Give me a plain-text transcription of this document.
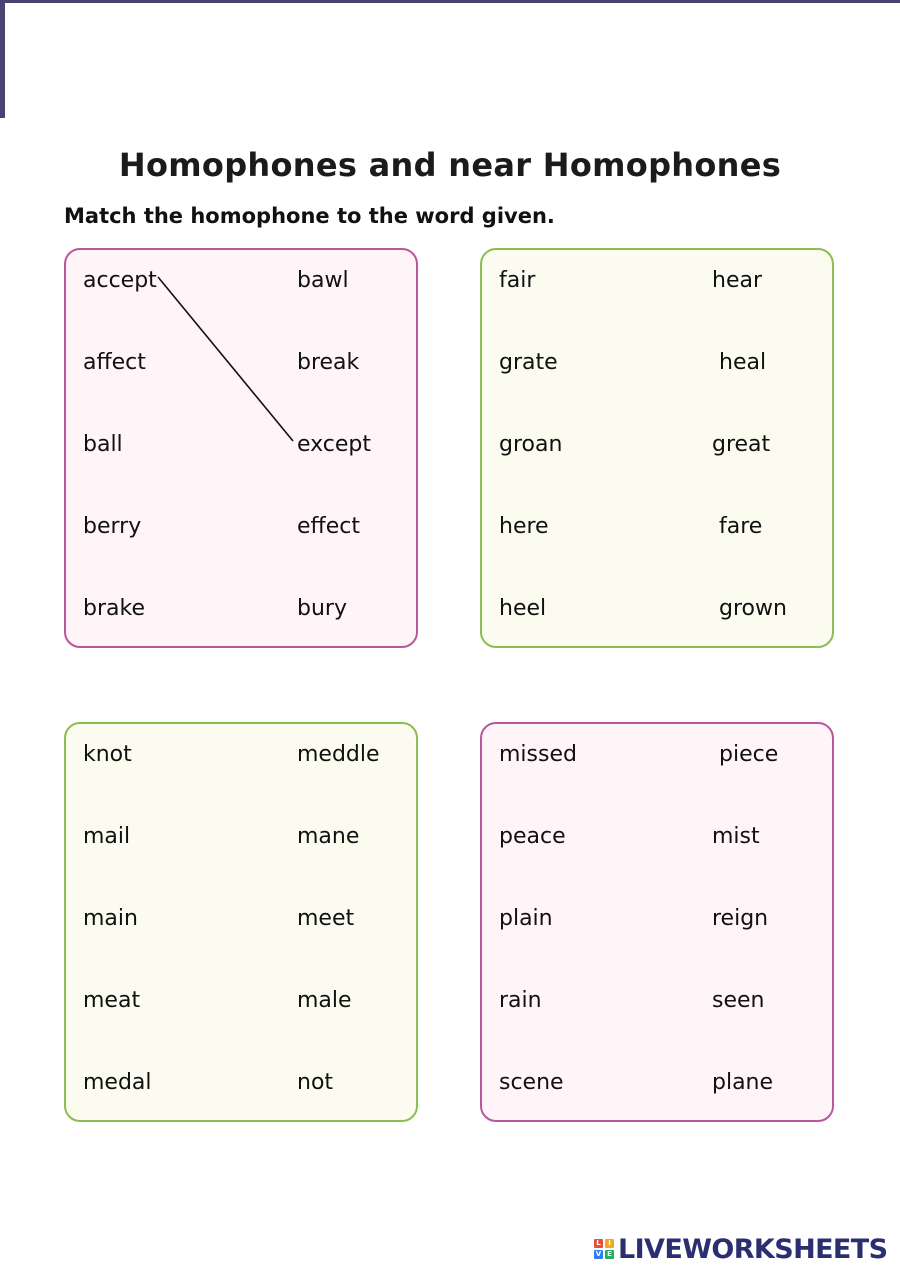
Homophones and near Homophones
Match the homophone to the word given.
accept
affect
ball
berry
brake
bawl
break
except
effect
bury
fair
grate
groan
here
heel
hear
heal
great
fare
grown
knot
mail
main
meat
medal
meddle
mane
meet
male
not
missed
peace
plain
rain
scene
piece
mist
reign
seen
plane
L	I
V E LIVEWORKSHEETS
